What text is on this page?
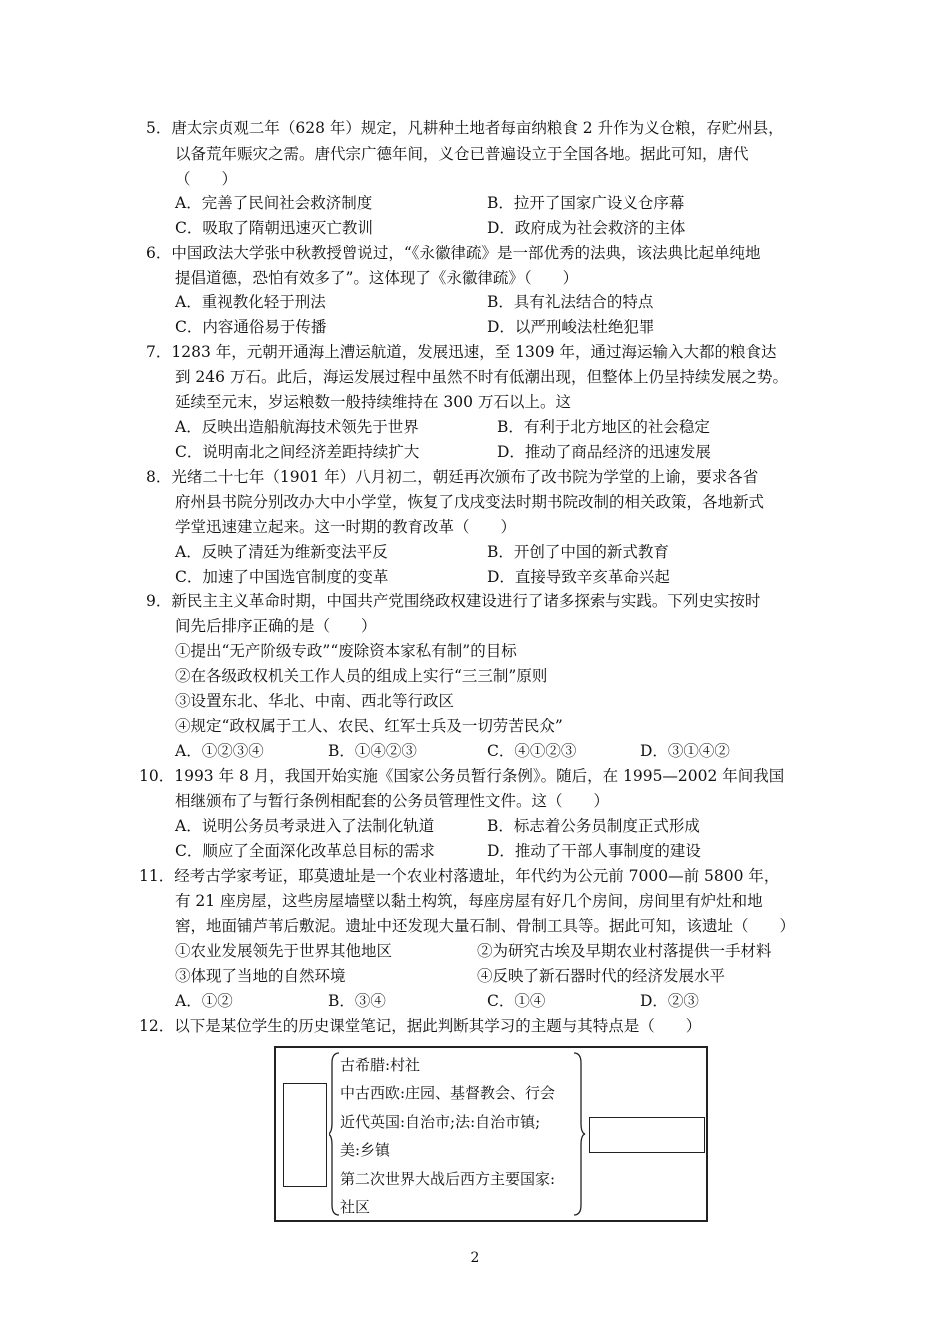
5．唐太宗贞观二年（628 年）规定，凡耕种土地者每亩纳粮食 2 升作为义仓粮，存贮州县，
以备荒年赈灾之需。唐代宗广德年间，义仓已普遍设立于全国各地。据此可知，唐代
（　　）
A．完善了民间社会救济制度	B．拉开了国家广设义仓序幕
C．吸取了隋朝迅速灭亡教训	D．政府成为社会救济的主体
6．中国政法大学张中秋教授曾说过，“《永徽律疏》是一部优秀的法典，该法典比起单纯地
提倡道德，恐怕有效多了”。这体现了《永徽律疏》（　　）
A．重视教化轻于刑法	B．具有礼法结合的特点
C．内容通俗易于传播	D．以严刑峻法杜绝犯罪
7．1283 年，元朝开通海上漕运航道，发展迅速，至 1309 年，通过海运输入大都的粮食达
到 246 万石。此后，海运发展过程中虽然不时有低潮出现，但整体上仍呈持续发展之势。
延续至元末，岁运粮数一般持续维持在 300 万石以上。这
A．反映出造船航海技术领先于世界	B．有利于北方地区的社会稳定
C．说明南北之间经济差距持续扩大	D．推动了商品经济的迅速发展
8．光绪二十七年（1901 年）八月初二，朝廷再次颁布了改书院为学堂的上谕，要求各省
府州县书院分别改办大中小学堂，恢复了戊戌变法时期书院改制的相关政策，各地新式
学堂迅速建立起来。这一时期的教育改革（　　）
A．反映了清廷为维新变法平反	B．开创了中国的新式教育
C．加速了中国选官制度的变革	D．直接导致辛亥革命兴起
9．新民主主义革命时期，中国共产党围绕政权建设进行了诸多探索与实践。下列史实按时
间先后排序正确的是（　　）
①提出“无产阶级专政”“废除资本家私有制”的目标
②在各级政权机关工作人员的组成上实行“三三制”原则
③设置东北、华北、中南、西北等行政区
④规定“政权属于工人、农民、红军士兵及一切劳苦民众”
A．①②③④	B．①④②③	C．④①②③	D．③①④②
10．1993 年 8 月，我国开始实施《国家公务员暂行条例》。随后，在 1995—2002 年间我国
相继颁布了与暂行条例相配套的公务员管理性文件。这（　　）
A．说明公务员考录进入了法制化轨道	B．标志着公务员制度正式形成
C．顺应了全面深化改革总目标的需求	D．推动了干部人事制度的建设
11．经考古学家考证，耶莫遗址是一个农业村落遗址，年代约为公元前 7000—前 5800 年，
有 21 座房屋，这些房屋墙壁以黏土构筑，每座房屋有好几个房间，房间里有炉灶和地
窖，地面铺芦苇后敷泥。遗址中还发现大量石制、骨制工具等。据此可知，该遗址（　　）
①农业发展领先于世界其他地区	②为研究古埃及早期农业村落提供一手材料
③体现了当地的自然环境	④反映了新石器时代的经济发展水平
A．①②	B．③④	C．①④	D．②③
12．以下是某位学生的历史课堂笔记，据此判断其学习的主题与其特点是（　　）
古希腊:村社
中古西欧:庄园、基督教会、行会
近代英国:自治市;法:自治市镇;
美:乡镇
第二次世界大战后西方主要国家:
社区
2
